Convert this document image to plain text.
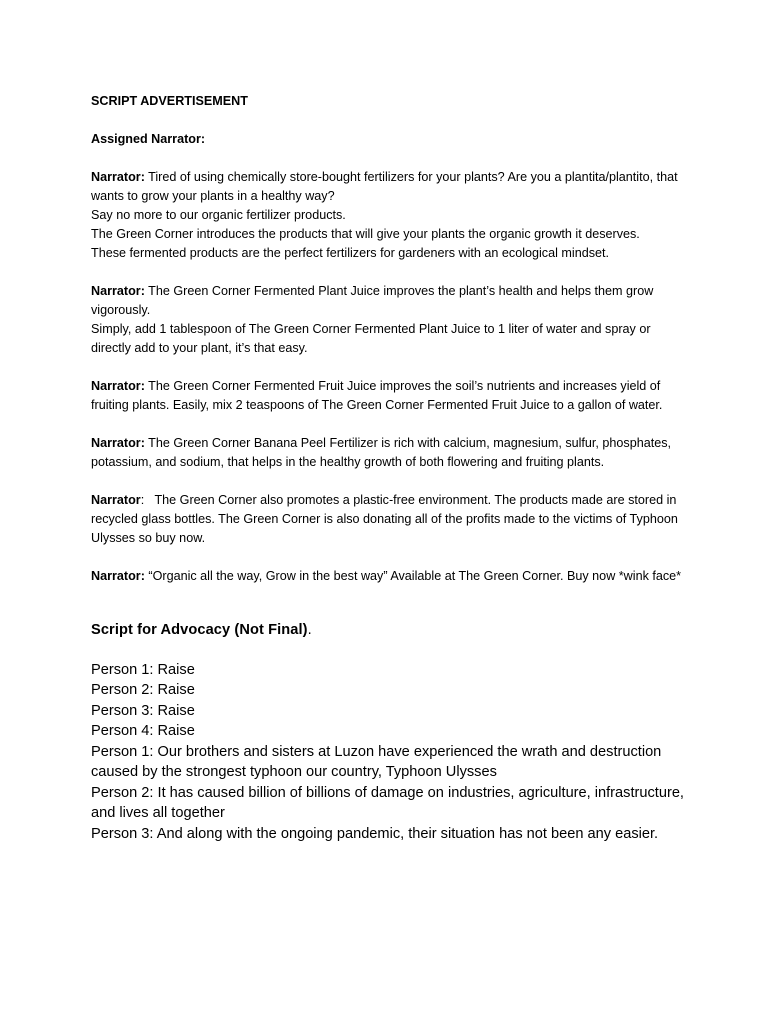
SCRIPT ADVERTISEMENT

Assigned Narrator:

Narrator: Tired of using chemically store-bought fertilizers for your plants? Are you a plantita/plantito, that wants to grow your plants in a healthy way?

Say no more to our organic fertilizer products.

The Green Corner introduces the products that will give your plants the organic growth it deserves.

These fermented products are the perfect fertilizers for gardeners with an ecological mindset.

Narrator: The Green Corner Fermented Plant Juice improves the plant’s health and helps them grow vigorously.

Simply, add 1 tablespoon of The Green Corner Fermented Plant Juice to 1 liter of water and spray or directly add to your plant, it’s that easy.

Narrator: The Green Corner Fermented Fruit Juice improves the soil’s nutrients and increases yield of fruiting plants. Easily, mix 2 teaspoons of The Green Corner Fermented Fruit Juice to a gallon of water.

Narrator: The Green Corner Banana Peel Fertilizer is rich with calcium, magnesium, sulfur, phosphates, potassium, and sodium, that helps in the healthy growth of both flowering and fruiting plants.

Narrator:   The Green Corner also promotes a plastic-free environment. The products made are stored in recycled glass bottles. The Green Corner is also donating all of the profits made to the victims of Typhoon Ulysses so buy now.

Narrator: “Organic all the way, Grow in the best way” Available at The Green Corner. Buy now *wink face*

Script for Advocacy (Not Final).

Person 1: Raise

Person 2: Raise

Person 3: Raise

Person 4: Raise

Person 1: Our brothers and sisters at Luzon have experienced the wrath and destruction caused by the strongest typhoon our country, Typhoon Ulysses

Person 2: It has caused billion of billions of damage on industries, agriculture, infrastructure, and lives all together

Person 3: And along with the ongoing pandemic, their situation has not been any easier.
